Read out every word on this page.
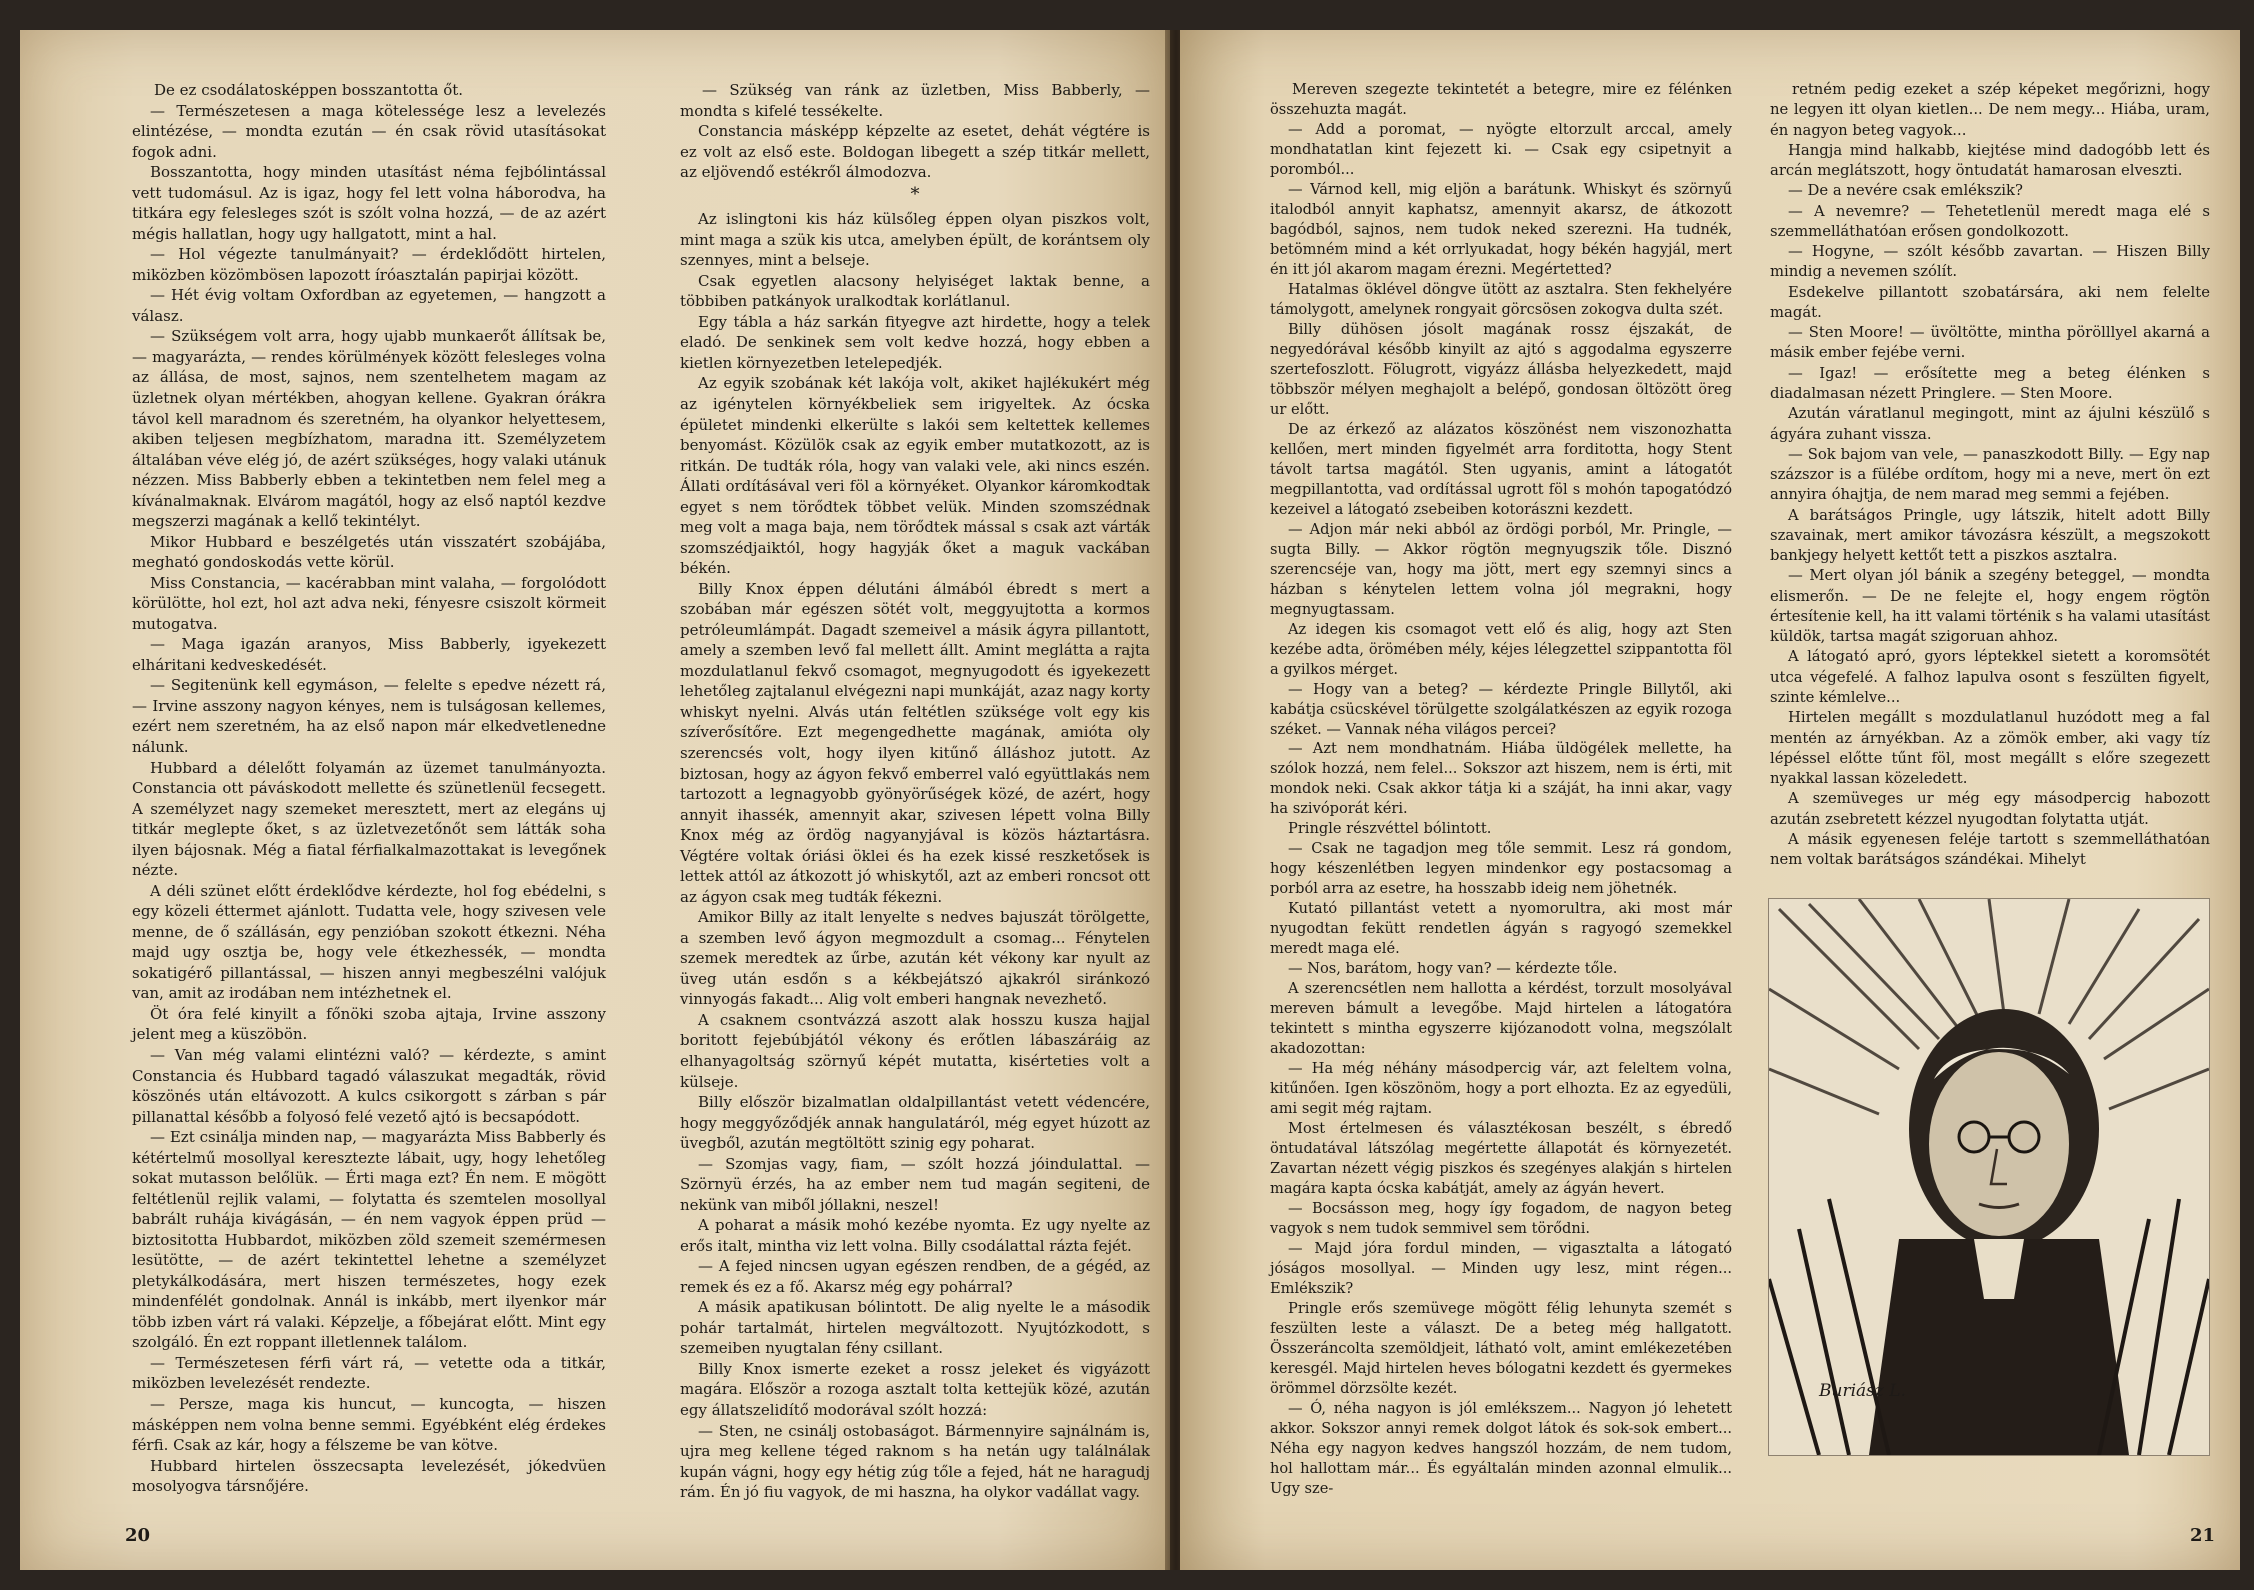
De ez csodálatosképpen bosszantotta őt.

— Természetesen a maga kötelessége lesz a levelezés elintézése, — mondta ezután — én csak rövid utasításokat fogok adni.

Bosszantotta, hogy minden utasítást néma fejbólintással vett tudomásul. Az is igaz, hogy fel lett volna háborodva, ha titkára egy felesleges szót is szólt volna hozzá, — de az azért mégis hallatlan, hogy ugy hallgatott, mint a hal.

— Hol végezte tanulmányait? — érdeklődött hirtelen, miközben közömbösen lapozott íróasztalán papirjai között.

— Hét évig voltam Oxfordban az egyetemen, — hangzott a válasz.

— Szükségem volt arra, hogy ujabb munkaerőt állítsak be, — magyarázta, — rendes körülmények között felesleges volna az állása, de most, sajnos, nem szentelhetem magam az üzletnek olyan mértékben, ahogyan kellene. Gyakran órákra távol kell maradnom és szeretném, ha olyankor helyettesem, akiben teljesen megbízhatom, maradna itt. Személyzetem általában véve elég jó, de azért szükséges, hogy valaki utánuk nézzen. Miss Babberly ebben a tekintetben nem felel meg a kívánalmaknak. Elvárom magától, hogy az első naptól kezdve megszerzi magának a kellő tekintélyt.

Mikor Hubbard e beszélgetés után visszatért szobájába, megható gondoskodás vette körül.

Miss Constancia, — kacérabban mint valaha, — forgolódott körülötte, hol ezt, hol azt adva neki, fényesre csiszolt körmeit mutogatva.

— Maga igazán aranyos, Miss Babberly, igyekezett elháritani kedveskedését.

— Segitenünk kell egymáson, — felelte s epedve nézett rá, — Irvine asszony nagyon kényes, nem is tulságosan kellemes, ezért nem szeretném, ha az első napon már elkedvetlenedne nálunk.

Hubbard a délelőtt folyamán az üzemet tanulmányozta. Constancia ott páváskodott mellette és szünetlenül fecsegett. A személyzet nagy szemeket meresztett, mert az elegáns uj titkár meglepte őket, s az üzletvezetőnőt sem látták soha ilyen bájosnak. Még a fiatal férfialkalmazottakat is levegőnek nézte.

A déli szünet előtt érdeklődve kérdezte, hol fog ebédelni, s egy közeli éttermet ajánlott. Tudatta vele, hogy szivesen vele menne, de ő szállásán, egy penzióban szokott étkezni. Néha majd ugy osztja be, hogy vele étkezhessék, — mondta sokatigérő pillantással, — hiszen annyi megbeszélni valójuk van, amit az irodában nem intézhetnek el.

Öt óra felé kinyilt a főnöki szoba ajtaja, Irvine asszony jelent meg a küszöbön.

— Van még valami elintézni való? — kérdezte, s amint Constancia és Hubbard tagadó válaszukat megadták, rövid köszönés után eltávozott. A kulcs csikorgott s zárban s pár pillanattal később a folyosó felé vezető ajtó is becsapódott.

— Ezt csinálja minden nap, — magyarázta Miss Babberly és kétértelmű mosollyal keresztezte lábait, ugy, hogy lehetőleg sokat mutasson belőlük. — Érti maga ezt? Én nem. E mögött feltétlenül rejlik valami, — folytatta és szemtelen mosollyal babrált ruhája kivágásán, — én nem vagyok éppen prüd — biztositotta Hubbardot, miközben zöld szemeit szemérmesen lesütötte, — de azért tekintettel lehetne a személyzet pletykálkodására, mert hiszen természetes, hogy ezek mindenfélét gondolnak. Annál is inkább, mert ilyenkor már több izben várt rá valaki. Képzelje, a főbejárat előtt. Mint egy szolgáló. Én ezt roppant illetlennek találom.

— Természetesen férfi várt rá, — vetette oda a titkár, miközben levelezését rendezte.

— Persze, maga kis huncut, — kuncogta, — hiszen másképpen nem volna benne semmi. Egyébként elég érdekes férfi. Csak az kár, hogy a félszeme be van kötve.

Hubbard hirtelen összecsapta levelezését, jókedvüen mosolyogva társnőjére.

— Szükség van ránk az üzletben, Miss Babberly, — mondta s kifelé tessékelte.

Constancia másképp képzelte az esetet, dehát végtére is ez volt az első este. Boldogan libegett a szép titkár mellett, az eljövendő estékről álmodozva.

*

Az islingtoni kis ház külsőleg éppen olyan piszkos volt, mint maga a szük kis utca, amelyben épült, de korántsem oly szennyes, mint a belseje.

Csak egyetlen alacsony helyiséget laktak benne, a többiben patkányok uralkodtak korlátlanul.

Egy tábla a ház sarkán fityegve azt hirdette, hogy a telek eladó. De senkinek sem volt kedve hozzá, hogy ebben a kietlen környezetben letelepedjék.

Az egyik szobának két lakója volt, akiket hajlékukért még az igénytelen környékbeliek sem irigyeltek. Az ócska épületet mindenki elkerülte s lakói sem keltettek kellemes benyomást. Közülök csak az egyik ember mutatkozott, az is ritkán. De tudták róla, hogy van valaki vele, aki nincs eszén. Állati ordításával veri föl a környéket. Olyankor káromkodtak egyet s nem törődtek többet velük. Minden szomszédnak meg volt a maga baja, nem törődtek mással s csak azt várták szomszédjaiktól, hogy hagyják őket a maguk vackában békén.

Billy Knox éppen délutáni álmából ébredt s mert a szobában már egészen sötét volt, meggyujtotta a kormos petróleumlámpát. Dagadt szemeivel a másik ágyra pillantott, amely a szemben levő fal mellett állt. Amint meglátta a rajta mozdulatlanul fekvő csomagot, megnyugodott és igyekezett lehetőleg zajtalanul elvégezni napi munkáját, azaz nagy korty whiskyt nyelni. Alvás után feltétlen szüksége volt egy kis szíverősítőre. Ezt megengedhette magának, amióta oly szerencsés volt, hogy ilyen kitűnő álláshoz jutott. Az biztosan, hogy az ágyon fekvő emberrel való együttlakás nem tartozott a legnagyobb gyönyörűségek közé, de azért, hogy annyit ihassék, amennyit akar, szivesen lépett volna Billy Knox még az ördög nagyanyjával is közös háztartásra. Végtére voltak óriási öklei és ha ezek kissé reszketősek is lettek attól az átkozott jó whiskytől, azt az emberi roncsot ott az ágyon csak meg tudták fékezni.

Amikor Billy az italt lenyelte s nedves bajuszát törölgette, a szemben levő ágyon megmozdult a csomag... Fénytelen szemek meredtek az űrbe, azután két vékony kar nyult az üveg után esdőn s a kékbejátszó ajkakról siránkozó vinnyogás fakadt... Alig volt emberi hangnak nevezhető.

A csaknem csontvázzá aszott alak hosszu kusza hajjal boritott fejebúbjától vékony és erőtlen lábaszáráig az elhanyagoltság szörnyű képét mutatta, kisérteties volt a külseje.

Billy először bizalmatlan oldalpillantást vetett védencére, hogy meggyőződjék annak hangulatáról, még egyet húzott az üvegből, azután megtöltött szinig egy poharat.

— Szomjas vagy, fiam, — szólt hozzá jóindulattal. — Szörnyü érzés, ha az ember nem tud magán segiteni, de nekünk van miből jóllakni, neszel!

A poharat a másik mohó kezébe nyomta. Ez ugy nyelte az erős italt, mintha viz lett volna. Billy csodálattal rázta fejét.

— A fejed nincsen ugyan egészen rendben, de a gégéd, az remek és ez a fő. Akarsz még egy pohárral?

A másik apatikusan bólintott. De alig nyelte le a második pohár tartalmát, hirtelen megváltozott. Nyujtózkodott, s szemeiben nyugtalan fény csillant.

Billy Knox ismerte ezeket a rossz jeleket és vigyázott magára. Először a rozoga asztalt tolta kettejük közé, azután egy állatszelidítő modorával szólt hozzá:

— Sten, ne csinálj ostobaságot. Bármennyire sajnálnám is, ujra meg kellene téged raknom s ha netán ugy találnálak kupán vágni, hogy egy hétig zúg tőle a fejed, hát ne haragudj rám. Én jó fiu vagyok, de mi haszna, ha olykor vadállat vagy.

20

Mereven szegezte tekintetét a betegre, mire ez félénken összehuzta magát.

— Add a poromat, — nyögte eltorzult arccal, amely mondhatatlan kint fejezett ki. — Csak egy csipetnyit a poromból...

— Várnod kell, mig eljön a barátunk. Whiskyt és szörnyű italodból annyit kaphatsz, amennyit akarsz, de átkozott bagódból, sajnos, nem tudok neked szerezni. Ha tudnék, betömném mind a két orrlyukadat, hogy békén hagyjál, mert én itt jól akarom magam érezni. Megértetted?

Hatalmas öklével döngve ütött az asztalra. Sten fekhelyére támolygott, amelynek rongyait görcsösen zokogva dulta szét.

Billy dühösen jósolt magának rossz éjszakát, de negyedórával később kinyilt az ajtó s aggodalma egyszerre szertefoszlott. Fölugrott, vigyázz állásba helyezkedett, majd többször mélyen meghajolt a belépő, gondosan öltözött öreg ur előtt.

De az érkező az alázatos köszönést nem viszonozhatta kellően, mert minden figyelmét arra forditotta, hogy Stent távolt tartsa magától. Sten ugyanis, amint a látogatót megpillantotta, vad ordítással ugrott föl s mohón tapogatódzó kezeivel a látogató zsebeiben kotorászni kezdett.

— Adjon már neki abból az ördögi porból, Mr. Pringle, — sugta Billy. — Akkor rögtön megnyugszik tőle. Disznó szerencséje van, hogy ma jött, mert egy szemnyi sincs a házban s kénytelen lettem volna jól megrakni, hogy megnyugtassam.

Az idegen kis csomagot vett elő és alig, hogy azt Sten kezébe adta, örömében mély, kéjes lélegzettel szippantotta föl a gyilkos mérget.

— Hogy van a beteg? — kérdezte Pringle Billytől, aki kabátja csücskével törülgette szolgálatkészen az egyik rozoga széket. — Vannak néha világos percei?

— Azt nem mondhatnám. Hiába üldögélek mellette, ha szólok hozzá, nem felel... Sokszor azt hiszem, nem is érti, mit mondok neki. Csak akkor tátja ki a száját, ha inni akar, vagy ha szivóporát kéri.

Pringle részvéttel bólintott.

— Csak ne tagadjon meg tőle semmit. Lesz rá gondom, hogy készenlétben legyen mindenkor egy postacsomag a porból arra az esetre, ha hosszabb ideig nem jöhetnék.

Kutató pillantást vetett a nyomorultra, aki most már nyugodtan fekütt rendetlen ágyán s ragyogó szemekkel meredt maga elé.

— Nos, barátom, hogy van? — kérdezte tőle.

A szerencsétlen nem hallotta a kérdést, torzult mosolyával mereven bámult a levegőbe. Majd hirtelen a látogatóra tekintett s mintha egyszerre kijózanodott volna, megszólalt akadozottan:

— Ha még néhány másodpercig vár, azt feleltem volna, kitűnően. Igen köszönöm, hogy a port elhozta. Ez az egyedüli, ami segit még rajtam.

Most értelmesen és választékosan beszélt, s ébredő öntudatával látszólag megértette állapotát és környezetét. Zavartan nézett végig piszkos és szegényes alakján s hirtelen magára kapta ócska kabátját, amely az ágyán hevert.

— Bocsásson meg, hogy így fogadom, de nagyon beteg vagyok s nem tudok semmivel sem törődni.

— Majd jóra fordul minden, — vigasztalta a látogató jóságos mosollyal. — Minden ugy lesz, mint régen... Emlékszik?

Pringle erős szemüvege mögött félig lehunyta szemét s feszülten leste a választ. De a beteg még hallgatott. Összeráncolta szemöldjeit, látható volt, amint emlékezetében keresgél. Majd hirtelen heves bólogatni kezdett és gyermekes örömmel dörzsölte kezét.

— Ó, néha nagyon is jól emlékszem... Nagyon jó lehetett akkor. Sokszor annyi remek dolgot látok és sok-sok embert... Néha egy nagyon kedves hangszól hozzám, de nem tudom, hol hallottam már... És egyáltalán minden azonnal elmulik... Ugy sze-

retném pedig ezeket a szép képeket megőrizni, hogy ne legyen itt olyan kietlen... De nem megy... Hiába, uram, én nagyon beteg vagyok...

Hangja mind halkabb, kiejtése mind dadogóbb lett és arcán meglátszott, hogy öntudatát hamarosan elveszti.

— De a nevére csak emlékszik?

— A nevemre? — Tehetetlenül meredt maga elé s szemmelláthatóan erősen gondolkozott.

— Hogyne, — szólt később zavartan. — Hiszen Billy mindig a nevemen szólít.

Esdekelve pillantott szobatársára, aki nem felelte magát.

— Sten Moore! — üvöltötte, mintha pörölllyel akarná a másik ember fejébe verni.

— Igaz! — erősítette meg a beteg élénken s diadalmasan nézett Pringlere. — Sten Moore.

Azután váratlanul megingott, mint az ájulni készülő s ágyára zuhant vissza.

— Sok bajom van vele, — panaszkodott Billy. — Egy nap százszor is a fülébe ordítom, hogy mi a neve, mert ön ezt annyira óhajtja, de nem marad meg semmi a fejében.

A barátságos Pringle, ugy látszik, hitelt adott Billy szavainak, mert amikor távozásra készült, a megszokott bankjegy helyett kettőt tett a piszkos asztalra.

— Mert olyan jól bánik a szegény beteggel, — mondta elismerőn. — De ne felejte el, hogy engem rögtön értesítenie kell, ha itt valami történik s ha valami utasítást küldök, tartsa magát szigoruan ahhoz.

A látogató apró, gyors léptekkel sietett a koromsötét utca végefelé. A falhoz lapulva osont s feszülten figyelt, szinte kémlelve...

Hirtelen megállt s mozdulatlanul huzódott meg a fal mentén az árnyékban. Az a zömök ember, aki vagy tíz lépéssel előtte tűnt föl, most megállt s előre szegezett nyakkal lassan közeledett.

A szemüveges ur még egy másodpercig habozott azután zsebretett kézzel nyugodtan folytatta utját.

A másik egyenesen feléje tartott s szemmelláthatóan nem voltak barátságos szándékai. Mihelyt

Buriász L.
21
